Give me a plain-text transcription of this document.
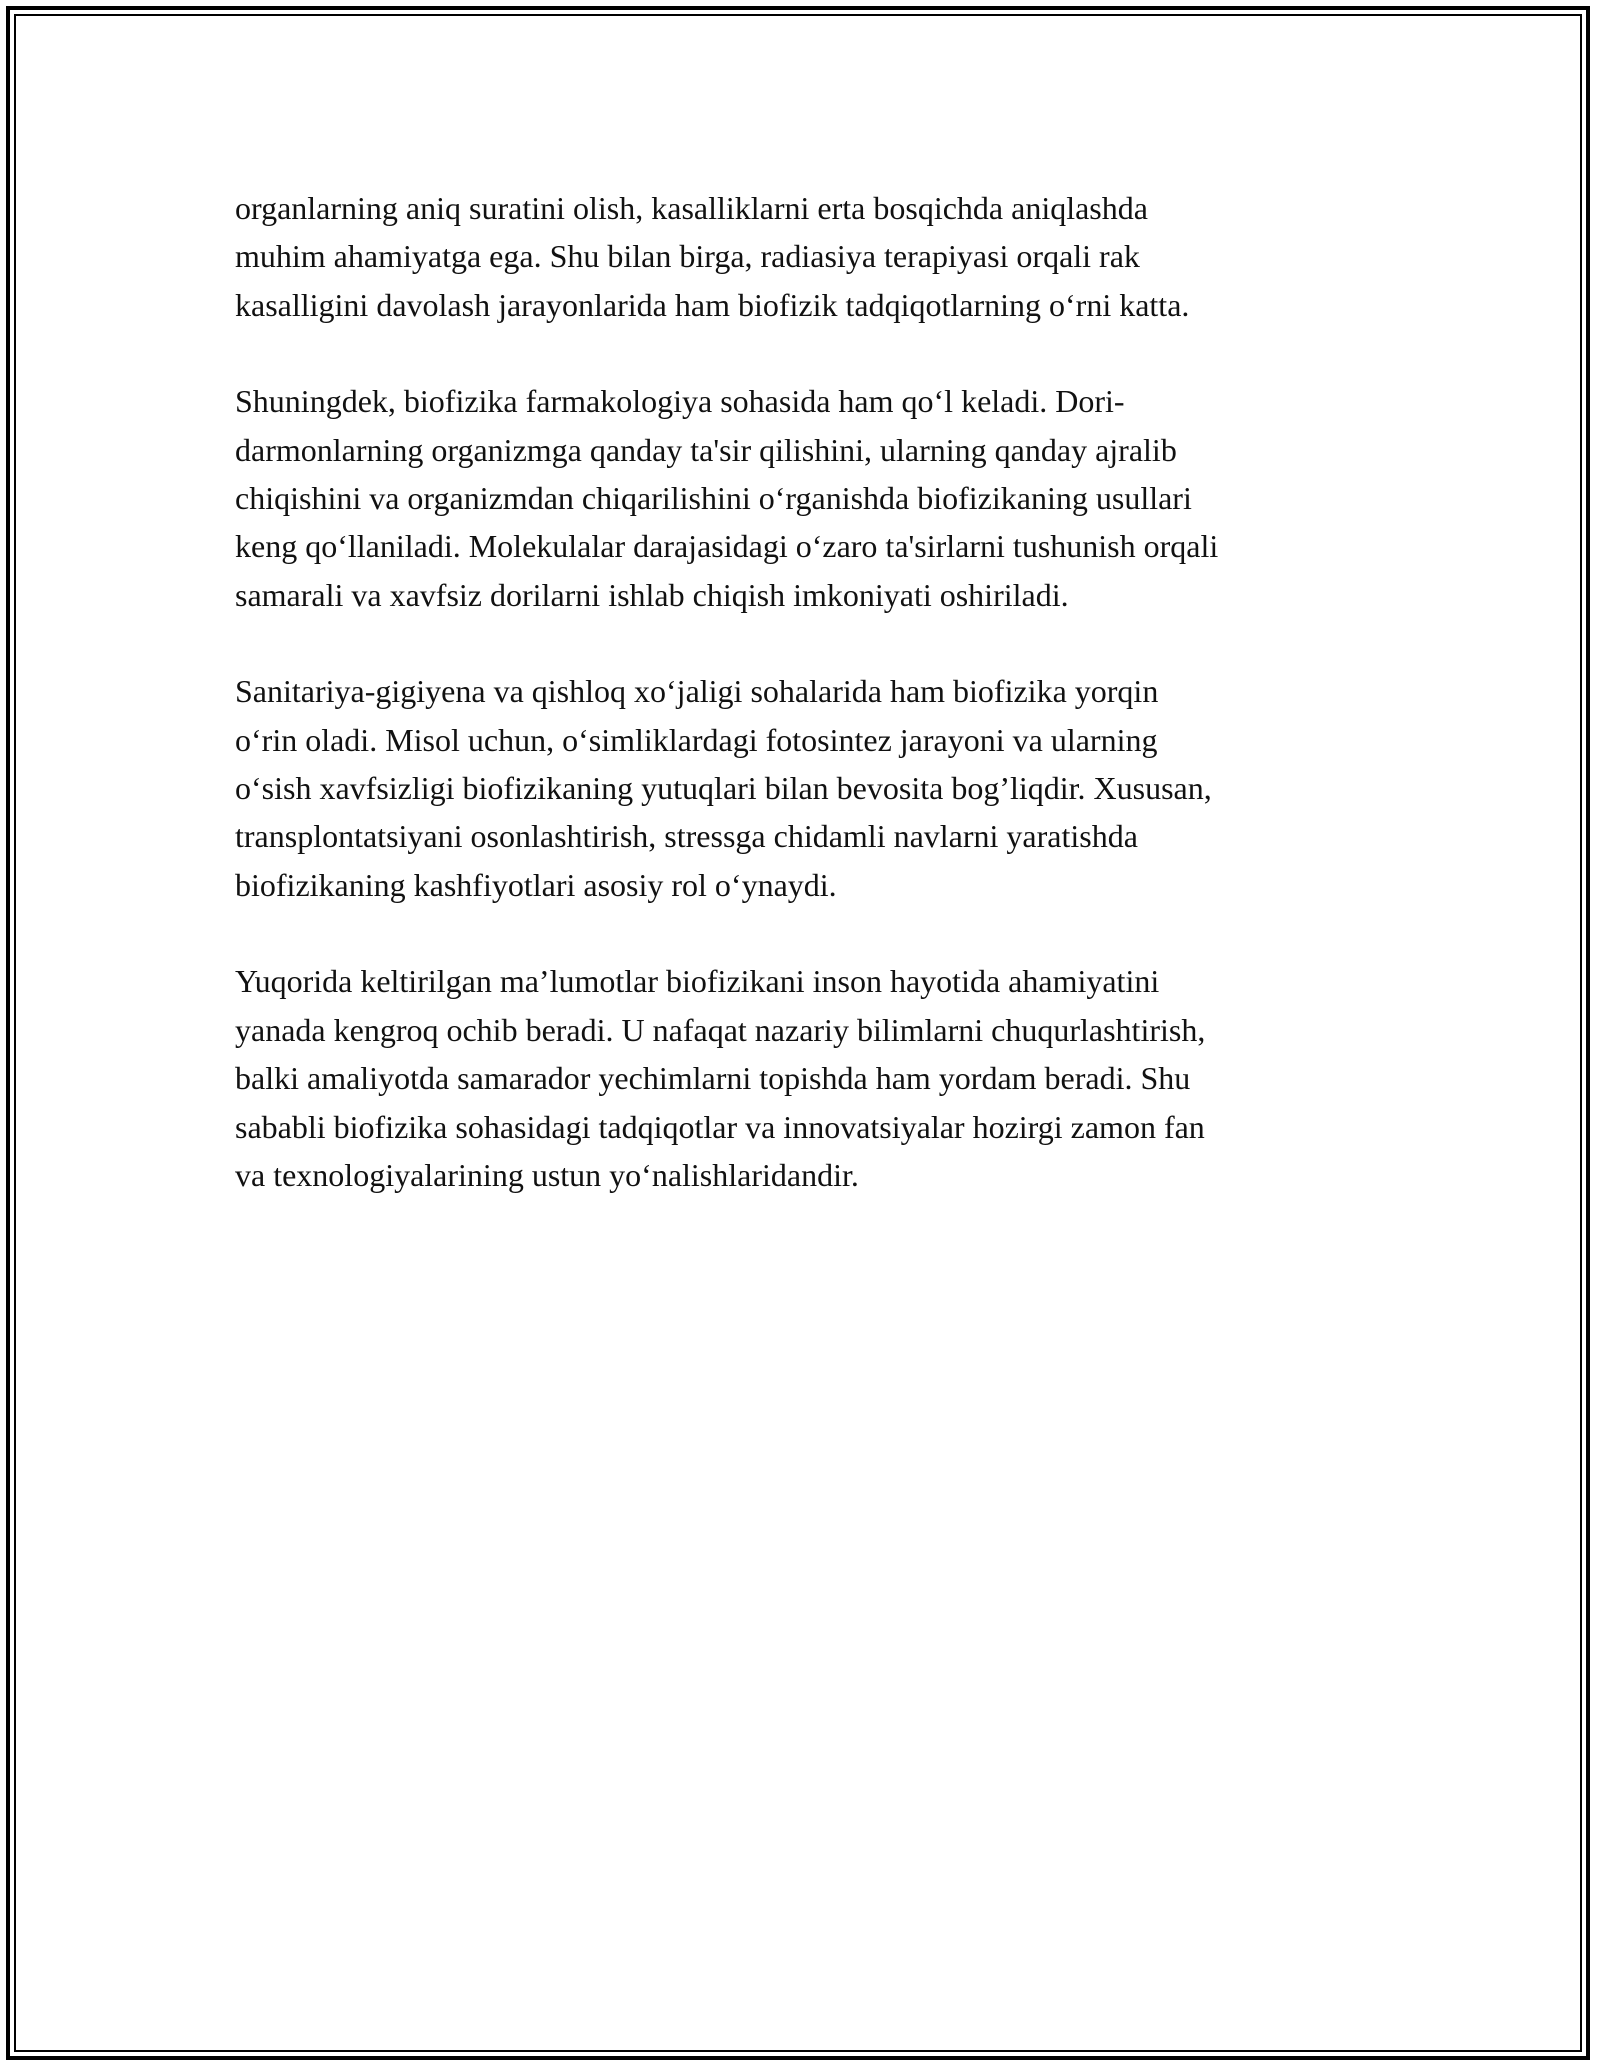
organlarning aniq suratini olish, kasalliklarni erta bosqichda aniqlashda
muhim ahamiyatga ega. Shu bilan birga, radiasiya terapiyasi orqali rak
kasalligini davolash jarayonlarida ham biofizik tadqiqotlarning o‘rni katta.

Shuningdek, biofizika farmakologiya sohasida ham qo‘l keladi. Dori-
darmonlarning organizmga qanday ta'sir qilishini, ularning qanday ajralib
chiqishini va organizmdan chiqarilishini o‘rganishda biofizikaning usullari
keng qo‘llaniladi. Molekulalar darajasidagi o‘zaro ta'sirlarni tushunish orqali
samarali va xavfsiz dorilarni ishlab chiqish imkoniyati oshiriladi.

Sanitariya-gigiyena va qishloq xo‘jaligi sohalarida ham biofizika yorqin
o‘rin oladi. Misol uchun, o‘simliklardagi fotosintez jarayoni va ularning
o‘sish xavfsizligi biofizikaning yutuqlari bilan bevosita bog’liqdir. Xususan,
transplontatsiyani osonlashtirish, stressga chidamli navlarni yaratishda
biofizikaning kashfiyotlari asosiy rol o‘ynaydi.

Yuqorida keltirilgan ma’lumotlar biofizikani inson hayotida ahamiyatini
yanada kengroq ochib beradi. U nafaqat nazariy bilimlarni chuqurlashtirish,
balki amaliyotda samarador yechimlarni topishda ham yordam beradi. Shu
sababli biofizika sohasidagi tadqiqotlar va innovatsiyalar hozirgi zamon fan
va texnologiyalarining ustun yo‘nalishlaridandir.
